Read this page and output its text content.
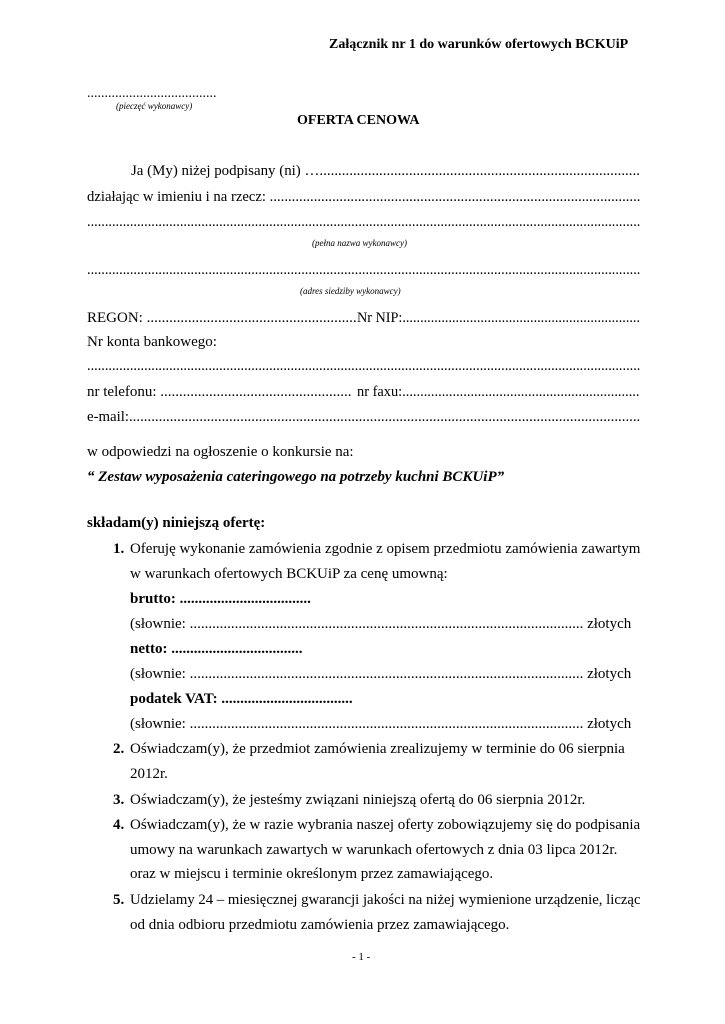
Załącznik nr 1 do warunków ofertowych BCKUiP
.....................................
(pieczęć wykonawcy)
OFERTA CENOWA
Ja (My) niżej podpisany (ni) …......................................................................................
działając w imieniu i na rzecz: .....................................................................................................
...........................................................................................................................................................
(pełna nazwa wykonawcy)
...........................................................................................................................................................
(adres siedziby wykonawcy)
REGON: ........................................................ Nr NIP:...................................................................
Nr konta bankowego:
...........................................................................................................................................................
nr telefonu: ................................................... nr faxu:..................................................................
e-mail:..........................................................................................................................................
w odpowiedzi na ogłoszenie o konkursie na:
“ Zestaw wyposażenia cateringowego na potrzeby kuchni BCKUiP”
składam(y) niniejszą ofertę:
1. Oferuję wykonanie zamówienia zgodnie z opisem przedmiotu zamówienia zawartym
w warunkach ofertowych BCKUiP za cenę umowną:
brutto: ...................................
(słownie: ......................................................................................................... złotych
netto: ...................................
(słownie: ......................................................................................................... złotych
podatek VAT: ...................................
(słownie: ......................................................................................................... złotych
2. Oświadczam(y), że przedmiot zamówienia zrealizujemy w terminie do 06 sierpnia
2012r.
3. Oświadczam(y), że jesteśmy związani niniejszą ofertą do 06 sierpnia 2012r.
4. Oświadczam(y), że w razie wybrania naszej oferty zobowiązujemy się do podpisania
umowy na warunkach zawartych w warunkach ofertowych z dnia 03 lipca 2012r.
oraz w miejscu i terminie określonym przez zamawiającego.
5. Udzielamy 24 – miesięcznej gwarancji jakości na niżej wymienione urządzenie, licząc
od dnia odbioru przedmiotu zamówienia przez zamawiającego.
- 1 -
